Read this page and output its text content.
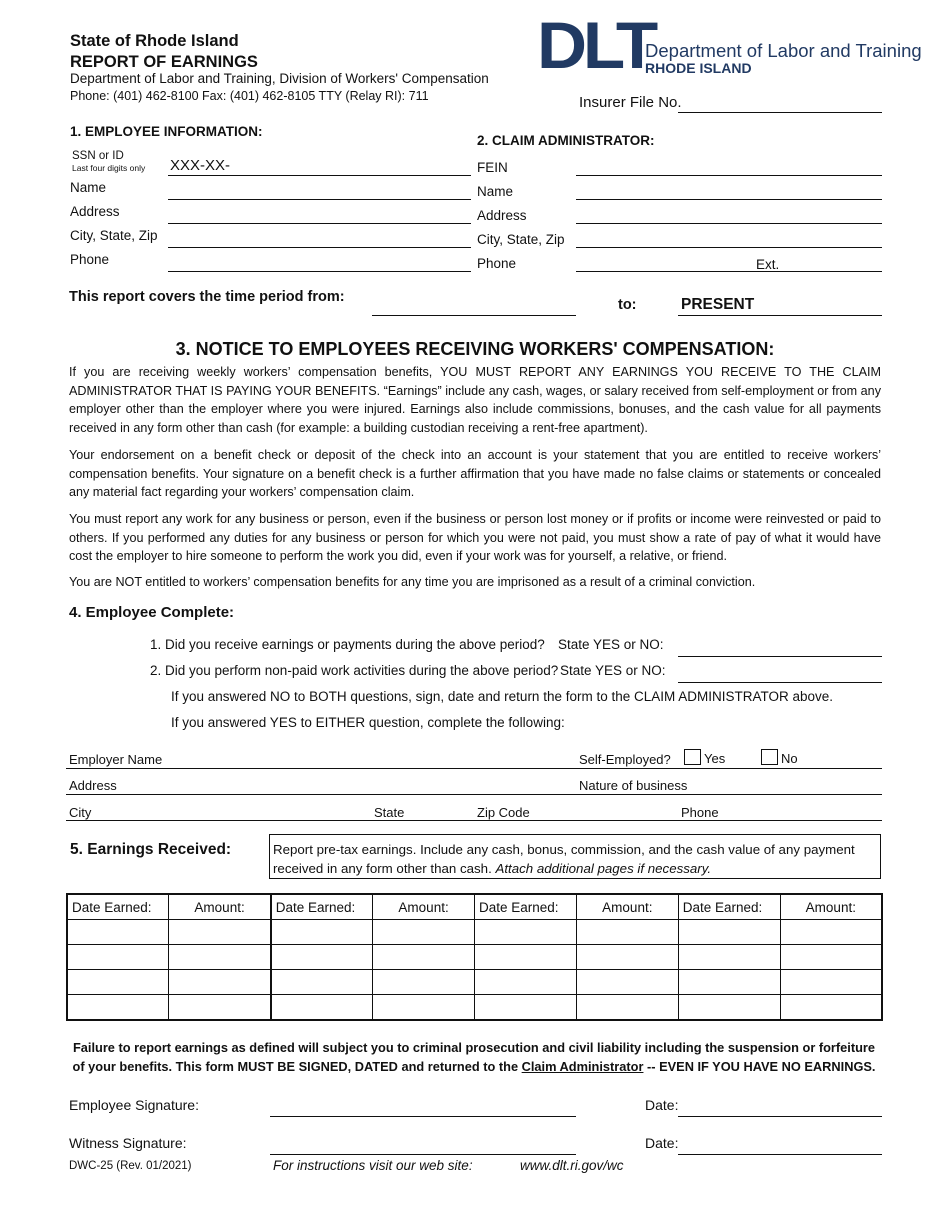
State of Rhode Island
REPORT OF EARNINGS
Department of Labor and Training, Division of Workers' Compensation
Phone: (401) 462-8100 Fax: (401) 462-8105 TTY (Relay RI): 711
DLT
Department of Labor and Training
RHODE ISLAND
Insurer File No.
1. EMPLOYEE INFORMATION:
SSN or ID
Last four digits only XXX-XX-
Name
Address
City, State, Zip
Phone
2. CLAIM ADMINISTRATOR:
FEIN
Name
Address
City, State, Zip
Phone	Ext.
This report covers the time period from:	to:	PRESENT
3. NOTICE TO EMPLOYEES RECEIVING WORKERS' COMPENSATION:
If you are receiving weekly workers’ compensation benefits, YOU MUST REPORT ANY EARNINGS YOU RECEIVE TO THE CLAIM ADMINISTRATOR THAT IS PAYING YOUR BENEFITS. “Earnings” include any cash, wages, or salary received from self-employment or from any employer other than the employer where you were injured. Earnings also include commissions, bonuses, and the cash value for all payments received in any form other than cash (for example: a building custodian receiving a rent-free apartment).
Your endorsement on a benefit check or deposit of the check into an account is your statement that you are entitled to receive workers’ compensation benefits. Your signature on a benefit check is a further affirmation that you have made no false claims or statements or concealed any material fact regarding your workers’ compensation claim.
You must report any work for any business or person, even if the business or person lost money or if profits or income were reinvested or paid to others. If you performed any duties for any business or person for which you were not paid, you must show a rate of pay of what it would have cost the employer to hire someone to perform the work you did, even if your work was for yourself, a relative, or friend.
You are NOT entitled to workers’ compensation benefits for any time you are imprisoned as a result of a criminal conviction.
4. Employee Complete:
1. Did you receive earnings or payments during the above period? State YES or NO:
2. Did you perform non-paid work activities during the above period? State YES or NO:
If you answered NO to BOTH questions, sign, date and return the form to the CLAIM ADMINISTRATOR above.
If you answered YES to EITHER question, complete the following:
Employer Name	Self-Employed?	Yes	No
Address	Nature of business
City	State	Zip Code	Phone
5. Earnings Received:	Report pre-tax earnings. Include any cash, bonus, commission, and the cash value of any payment received in any form other than cash. Attach additional pages if necessary.
Date Earned:	Amount:	Date Earned:	Amount:	Date Earned:	Amount:	Date Earned:	Amount:

Failure to report earnings as defined will subject you to criminal prosecution and civil liability including the suspension or forfeiture of your benefits. This form MUST BE SIGNED, DATED and returned to the Claim Administrator -- EVEN IF YOU HAVE NO EARNINGS.
Employee Signature:	Date:
Witness Signature:	Date:
DWC-25 (Rev. 01/2021)	For instructions visit our web site:	www.dlt.ri.gov/wc
